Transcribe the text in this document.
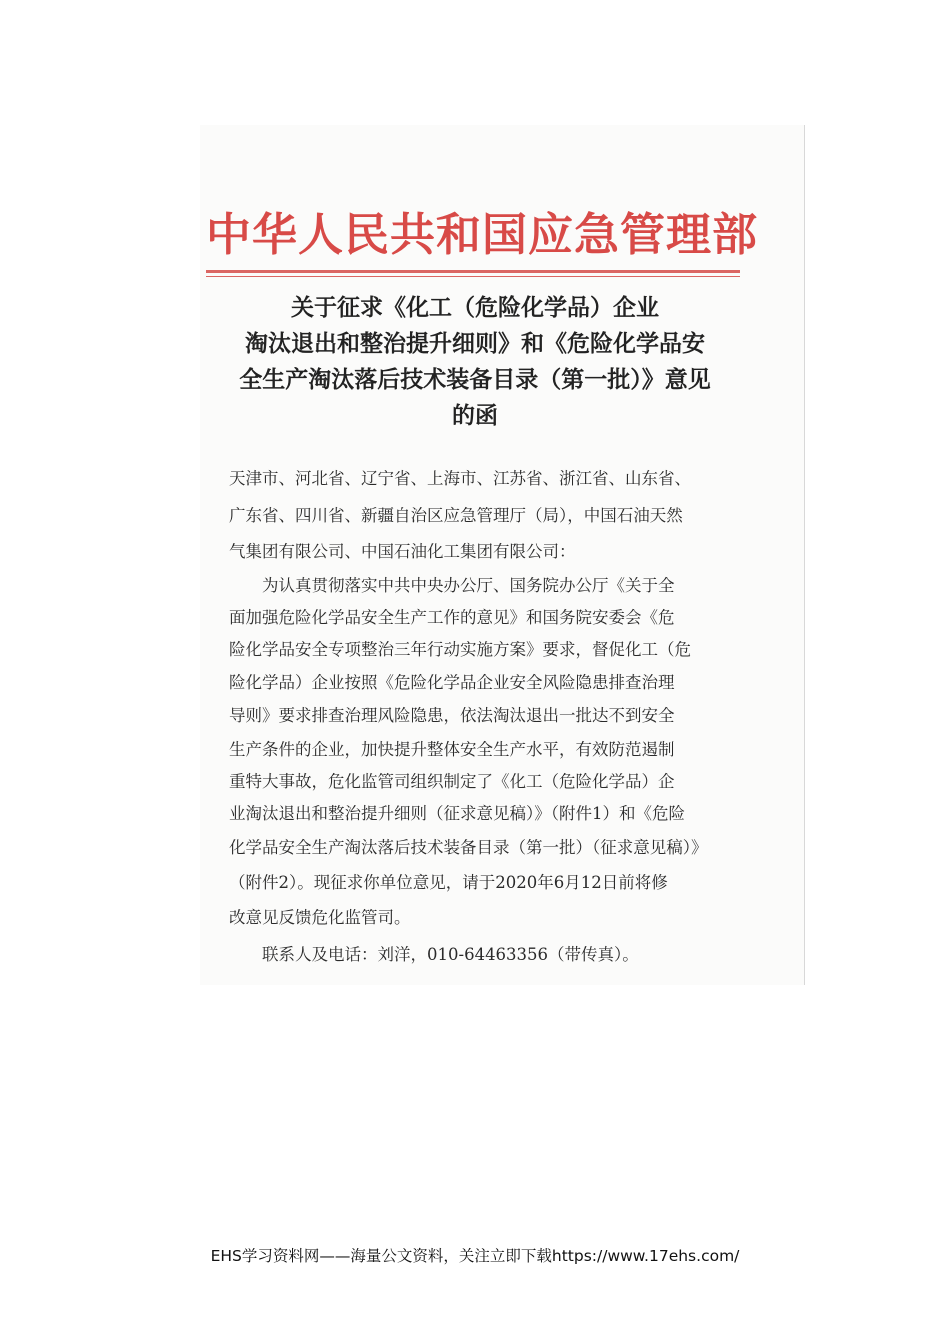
中华人民共和国应急管理部
关于征求《化工（危险化学品）企业
淘汰退出和整治提升细则》和《危险化学品安
全生产淘汰落后技术装备目录（第一批）》意见
的函
天津市、河北省、辽宁省、上海市、江苏省、浙江省、山东省、
广东省、四川省、新疆自治区应急管理厅（局），中国石油天然
气集团有限公司、中国石油化工集团有限公司：
　　为认真贯彻落实中共中央办公厅、国务院办公厅《关于全
面加强危险化学品安全生产工作的意见》和国务院安委会《危
险化学品安全专项整治三年行动实施方案》要求，督促化工（危
险化学品）企业按照《危险化学品企业安全风险隐患排查治理
导则》要求排查治理风险隐患，依法淘汰退出一批达不到安全
生产条件的企业，加快提升整体安全生产水平，有效防范遏制
重特大事故，危化监管司组织制定了《化工（危险化学品）企
业淘汰退出和整治提升细则（征求意见稿）》（附件1）和《危险
化学品安全生产淘汰落后技术装备目录（第一批）（征求意见稿）》
（附件2）。现征求你单位意见，请于2020年6月12日前将修
改意见反馈危化监管司。
　　联系人及电话：刘洋，010-64463356（带传真）。
EHS学习资料网——海量公文资料，关注立即下载https://www.17ehs.com/
